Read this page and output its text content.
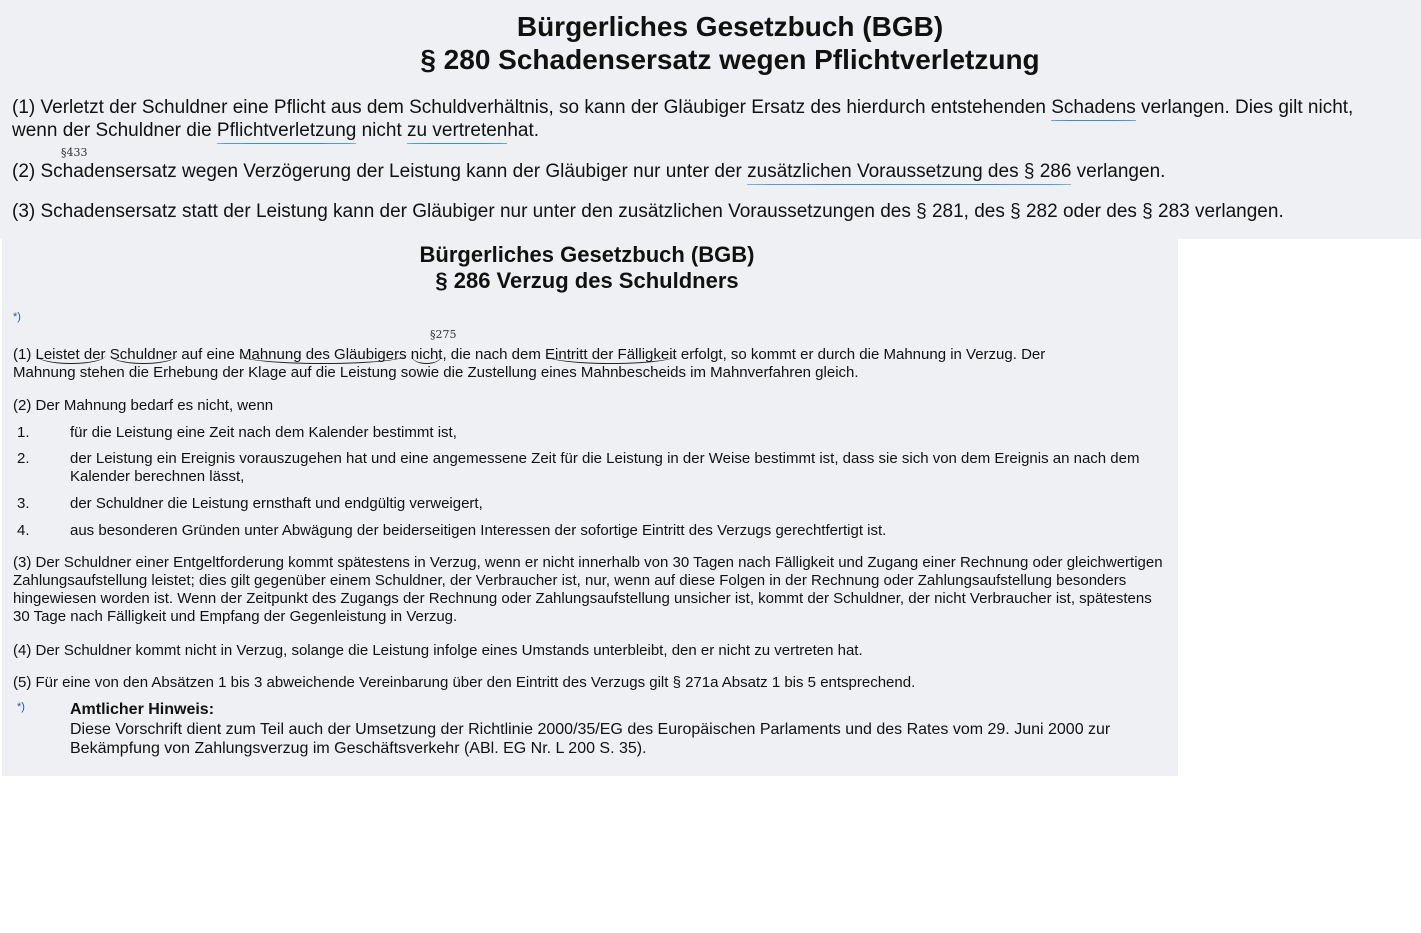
Bürgerliches Gesetzbuch (BGB)
§ 280 Schadensersatz wegen Pflichtverletzung
(1) Verletzt der Schuldner eine Pflicht aus dem Schuldverhältnis, so kann der Gläubiger Ersatz des hierdurch entstehenden Schadens verlangen. Dies gilt nicht,
wenn der Schuldner die Pflichtverletzung nicht zu vertretenhat.
§433
(2) Schadensersatz wegen Verzögerung der Leistung kann der Gläubiger nur unter der zusätzlichen Voraussetzung des § 286 verlangen.
(3) Schadensersatz statt der Leistung kann der Gläubiger nur unter den zusätzlichen Voraussetzungen des § 281, des § 282 oder des § 283 verlangen.
Bürgerliches Gesetzbuch (BGB)
§ 286 Verzug des Schuldners
*)
§275
(1) Leistet der Schuldner auf eine Mahnung des Gläubigers nicht, die nach dem Eintritt der Fälligkeit erfolgt, so kommt er durch die Mahnung in Verzug. Der
Mahnung stehen die Erhebung der Klage auf die Leistung sowie die Zustellung eines Mahnbescheids im Mahnverfahren gleich.
(2) Der Mahnung bedarf es nicht, wenn
1.	für die Leistung eine Zeit nach dem Kalender bestimmt ist,
2.	der Leistung ein Ereignis vorauszugehen hat und eine angemessene Zeit für die Leistung in der Weise bestimmt ist, dass sie sich von dem Ereignis an nach dem Kalender berechnen lässt,
3.	der Schuldner die Leistung ernsthaft und endgültig verweigert,
4.	aus besonderen Gründen unter Abwägung der beiderseitigen Interessen der sofortige Eintritt des Verzugs gerechtfertigt ist.
(3) Der Schuldner einer Entgeltforderung kommt spätestens in Verzug, wenn er nicht innerhalb von 30 Tagen nach Fälligkeit und Zugang einer Rechnung oder gleichwertigen Zahlungsaufstellung leistet; dies gilt gegenüber einem Schuldner, der Verbraucher ist, nur, wenn auf diese Folgen in der Rechnung oder Zahlungsaufstellung besonders hingewiesen worden ist. Wenn der Zeitpunkt des Zugangs der Rechnung oder Zahlungsaufstellung unsicher ist, kommt der Schuldner, der nicht Verbraucher ist, spätestens 30 Tage nach Fälligkeit und Empfang der Gegenleistung in Verzug.
(4) Der Schuldner kommt nicht in Verzug, solange die Leistung infolge eines Umstands unterbleibt, den er nicht zu vertreten hat.
(5) Für eine von den Absätzen 1 bis 3 abweichende Vereinbarung über den Eintritt des Verzugs gilt § 271a Absatz 1 bis 5 entsprechend.
*)	Amtlicher Hinweis:
Diese Vorschrift dient zum Teil auch der Umsetzung der Richtlinie 2000/35/EG des Europäischen Parlaments und des Rates vom 29. Juni 2000 zur Bekämpfung von Zahlungsverzug im Geschäftsverkehr (ABl. EG Nr. L 200 S. 35).
